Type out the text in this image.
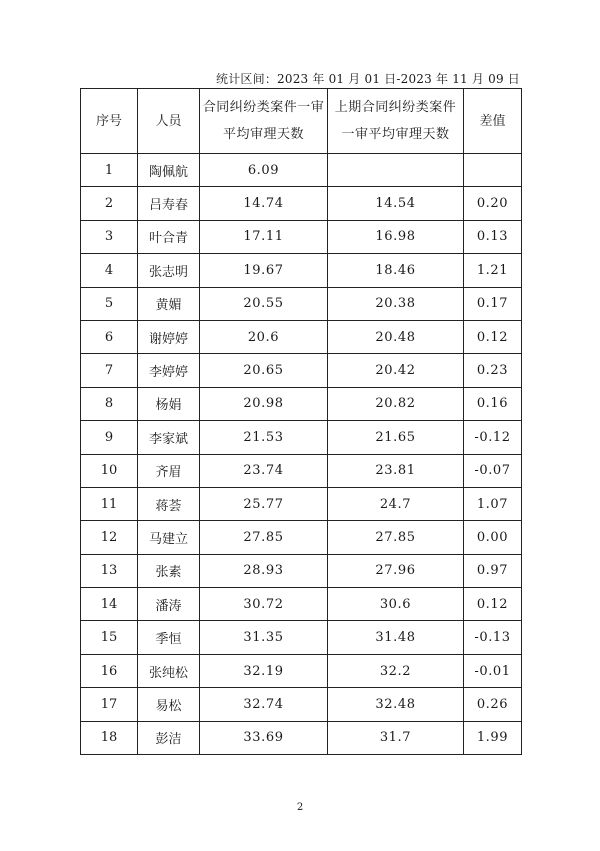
统计区间：2023 年 01 月 01 日-2023 年 11 月 09 日
序号	人员	合同纠纷类案件一审平均审理天数	上期合同纠纷类案件一审平均审理天数	差值
1	陶佩航	6.09		
2	吕寿春	14.74	14.54	0.20
3	叶合青	17.11	16.98	0.13
4	张志明	19.67	18.46	1.21
5	黄媚	20.55	20.38	0.17
6	谢婷婷	20.6	20.48	0.12
7	李婷婷	20.65	20.42	0.23
8	杨娟	20.98	20.82	0.16
9	李家斌	21.53	21.65	-0.12
10	齐眉	23.74	23.81	-0.07
11	蒋荟	25.77	24.7	1.07
12	马建立	27.85	27.85	0.00
13	张素	28.93	27.96	0.97
14	潘涛	30.72	30.6	0.12
15	季恒	31.35	31.48	-0.13
16	张纯松	32.19	32.2	-0.01
17	易松	32.74	32.48	0.26
18	彭洁	33.69	31.7	1.99
2
